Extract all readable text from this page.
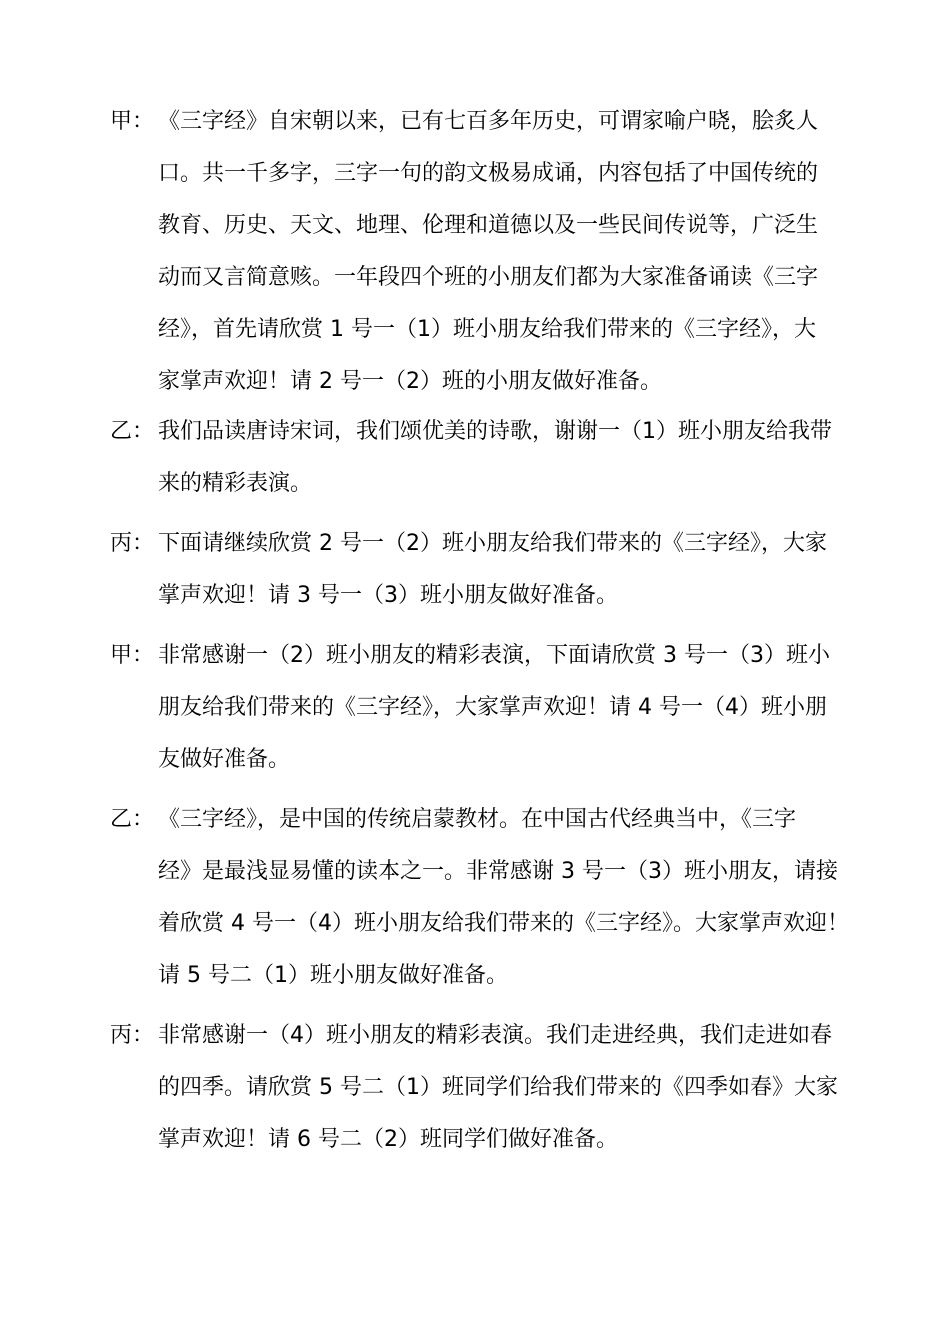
甲： 《三字经》自宋朝以来，已有七百多年历史，可谓家喻户晓，脍炙人
口。共一千多字，三字一句的韵文极易成诵，内容包括了中国传统的
教育、历史、天文、地理、伦理和道德以及一些民间传说等，广泛生
动而又言简意赅。一年段四个班的小朋友们都为大家准备诵读《三字
经》，首先请欣赏 1 号一（1）班小朋友给我们带来的《三字经》，大
家掌声欢迎！请 2 号一（2）班的小朋友做好准备。
乙： 我们品读唐诗宋词，我们颂优美的诗歌，谢谢一（1）班小朋友给我带
来的精彩表演。
丙： 下面请继续欣赏 2 号一（2）班小朋友给我们带来的《三字经》，大家
掌声欢迎！请 3 号一（3）班小朋友做好准备。
甲： 非常感谢一（2）班小朋友的精彩表演，下面请欣赏 3 号一（3）班小
朋友给我们带来的《三字经》，大家掌声欢迎！请 4 号一（4）班小朋
友做好准备。
乙： 《三字经》，是中国的传统启蒙教材。在中国古代经典当中，《三字
经》是最浅显易懂的读本之一。非常感谢 3 号一（3）班小朋友，请接
着欣赏 4 号一（4）班小朋友给我们带来的《三字经》。大家掌声欢迎！
请 5 号二（1）班小朋友做好准备。
丙： 非常感谢一（4）班小朋友的精彩表演。我们走进经典，我们走进如春
的四季。请欣赏 5 号二（1）班同学们给我们带来的《四季如春》大家
掌声欢迎！请 6 号二（2）班同学们做好准备。
